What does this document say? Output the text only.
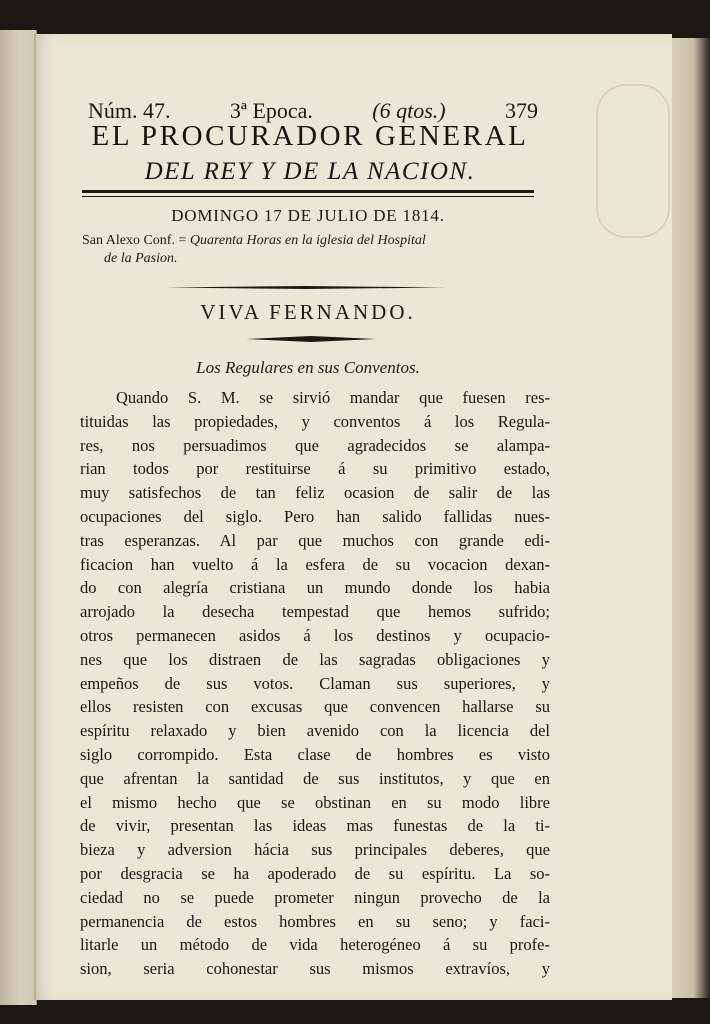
Núm. 47.	3ª Epoca.	(6 qtos.)	379
EL PROCURADOR GENERAL
DEL REY Y DE LA NACION.
DOMINGO 17 DE JULIO DE 1814.
San Alexo Conf. = Quarenta Horas en la iglesia del Hospital
de la Pasion.
VIVA FERNANDO.
Los Regulares en sus Conventos.
Quando S. M. se sirvió mandar que fuesen res-
tituidas las propiedades, y conventos á los Regula-
res, nos persuadimos que agradecidos se alampa-
rian todos por restituirse á su primitivo estado,
muy satisfechos de tan feliz ocasion de salir de las
ocupaciones del siglo. Pero han salido fallidas nues-
tras esperanzas. Al par que muchos con grande edi-
ficacion han vuelto á la esfera de su vocacion dexan-
do con alegría cristiana un mundo donde los habia
arrojado la desecha tempestad que hemos sufrido;
otros permanecen asidos á los destinos y ocupacio-
nes que los distraen de las sagradas obligaciones y
empeños de sus votos. Claman sus superiores, y
ellos resisten con excusas que convencen hallarse su
espíritu relaxado y bien avenido con la licencia del
siglo corrompido. Esta clase de hombres es visto
que afrentan la santidad de sus institutos, y que en
el mismo hecho que se obstinan en su modo libre
de vivir, presentan las ideas mas funestas de la ti-
bieza y adversion hácia sus principales deberes, que
por desgracia se ha apoderado de su espíritu. La so-
ciedad no se puede prometer ningun provecho de la
permanencia de estos hombres en su seno; y faci-
litarle un método de vida heterogéneo á su profe-
sion, seria cohonestar sus mismos extravíos, y
